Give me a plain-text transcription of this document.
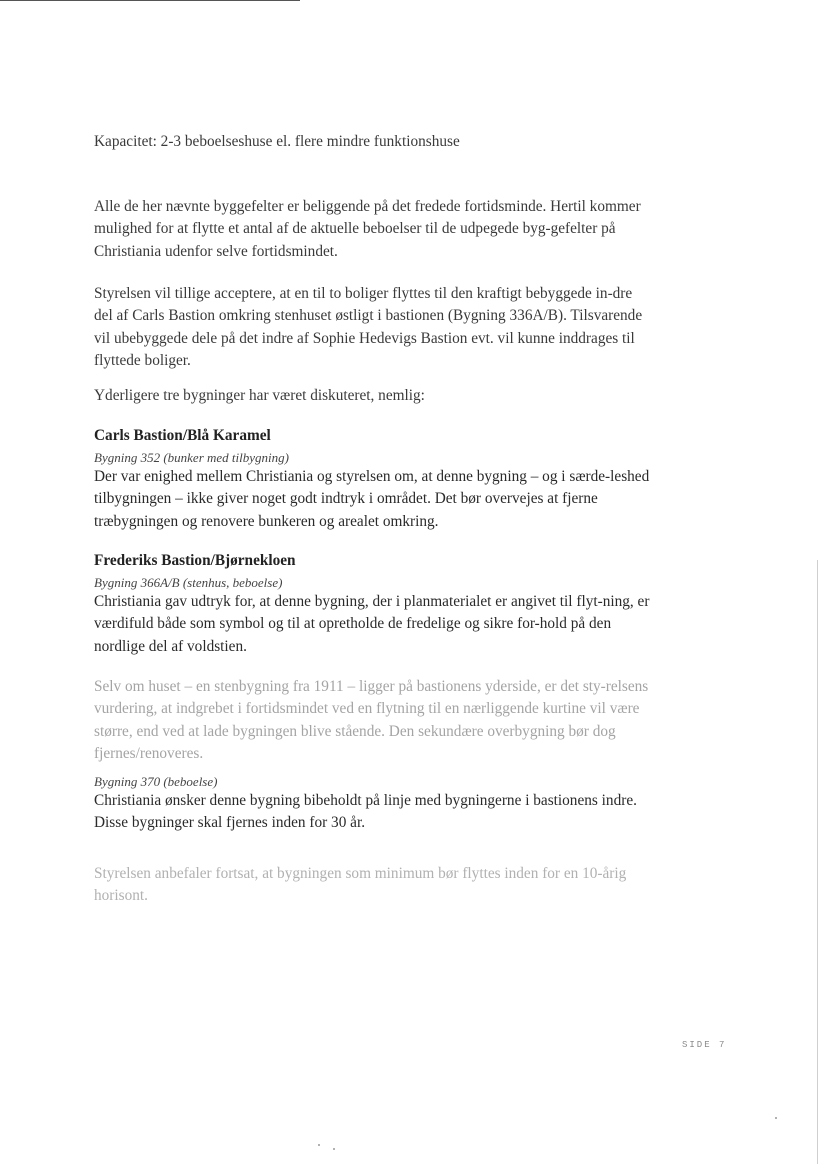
Kapacitet: 2-3 beboelseshuse el. flere mindre funktionshuse

Alle de her nævnte byggefelter er beliggende på det fredede fortidsminde. Hertil kommer mulighed for at flytte et antal af de aktuelle beboelser til de udpegede byg-gefelter på Christiania udenfor selve fortidsmindet.

Styrelsen vil tillige acceptere, at en til to boliger flyttes til den kraftigt bebyggede in-dre del af Carls Bastion omkring stenhuset østligt i bastionen (Bygning 336A/B). Tilsvarende vil ubebyggede dele på det indre af Sophie Hedevigs Bastion evt. vil kunne inddrages til flyttede boliger.

Yderligere tre bygninger har været diskuteret, nemlig:

Carls Bastion/Blå Karamel

Bygning 352 (bunker med tilbygning)

Der var enighed mellem Christiania og styrelsen om, at denne bygning – og i særde-leshed tilbygningen – ikke giver noget godt indtryk i området. Det bør overvejes at fjerne træbygningen og renovere bunkeren og arealet omkring.

Frederiks Bastion/Bjørnekloen

Bygning 366A/B (stenhus, beboelse)

Christiania gav udtryk for, at denne bygning, der i planmaterialet er angivet til flyt-ning, er værdifuld både som symbol og til at opretholde de fredelige og sikre for-hold på den nordlige del af voldstien.

Selv om huset – en stenbygning fra 1911 – ligger på bastionens yderside, er det sty-relsens vurdering, at indgrebet i fortidsmindet ved en flytning til en nærliggende kurtine vil være større, end ved at lade bygningen blive stående. Den sekundære overbygning bør dog fjernes/renoveres.

Bygning 370 (beboelse)

Christiania ønsker denne bygning bibeholdt på linje med bygningerne i bastionens indre. Disse bygninger skal fjernes inden for 30 år.

Styrelsen anbefaler fortsat, at bygningen som minimum bør flyttes inden for en 10-årig horisont.

SIDE 7
